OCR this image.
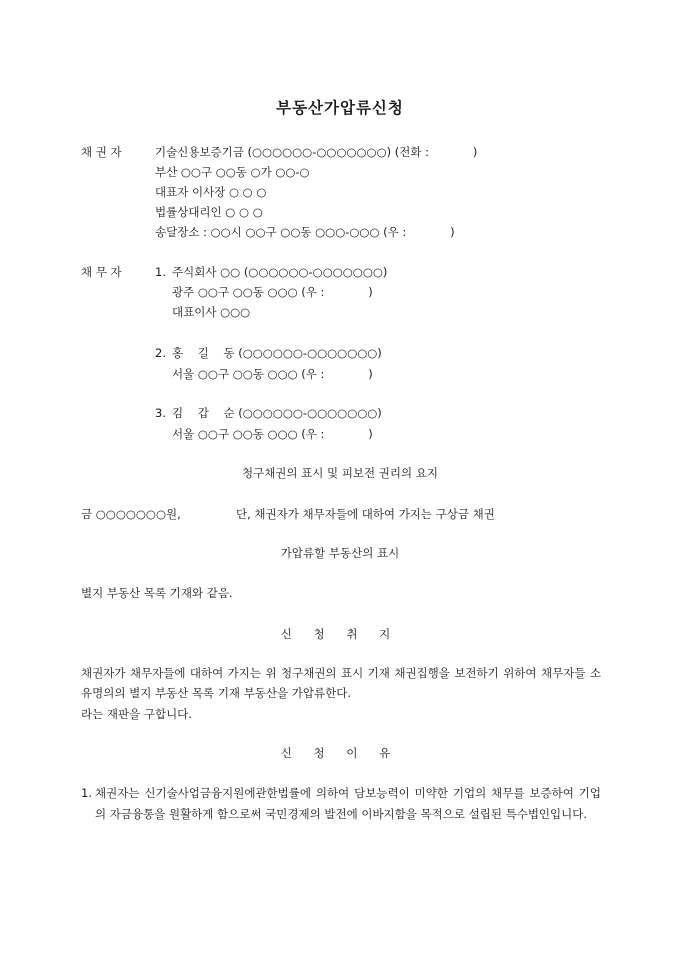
부동산가압류신청
채 권 자	기술신용보증기금 (○○○○○○-○○○○○○○) (전화 :            )
부산 ○○구 ○○동 ○가 ○○-○
대표자 이사장 ○ ○ ○
법률상대리인 ○ ○ ○
송달장소 : ○○시 ○○구 ○○동 ○○○-○○○ (우 :            )
채 무 자	1. 주식회사 ○○ (○○○○○○-○○○○○○○)
광주 ○○구 ○○동 ○○○ (우 :            )
대표이사 ○○○
2. 홍    길    동 (○○○○○○-○○○○○○○)
서울 ○○구 ○○동 ○○○ (우 :            )
3. 김    갑    순 (○○○○○○-○○○○○○○)
서울 ○○구 ○○동 ○○○ (우 :            )
청구채권의 표시 및 피보전 권리의 요지
금 ○○○○○○○원,	단, 채권자가 채무자들에 대하여 가지는 구상금 채권
가압류할 부동산의 표시
별지 부동산 목록 기재와 같음.
신 청 취 지
채권자가 채무자들에 대하여 가지는 위 청구채권의 표시 기재 채권집행을 보전하기 위하여 채무자들 소유명의의 별지 부동산 목록 기재 부동산을 가압류한다.
라는 재판을 구합니다.
신 청 이 유
1. 채권자는 신기술사업금융지원에관한법률에 의하여 담보능력이 미약한 기업의 채무를 보증하여 기업의 자금융통을 원활하게 함으로써 국민경제의 발전에 이바지함을 목적으로 설립된 특수법인입니다.
